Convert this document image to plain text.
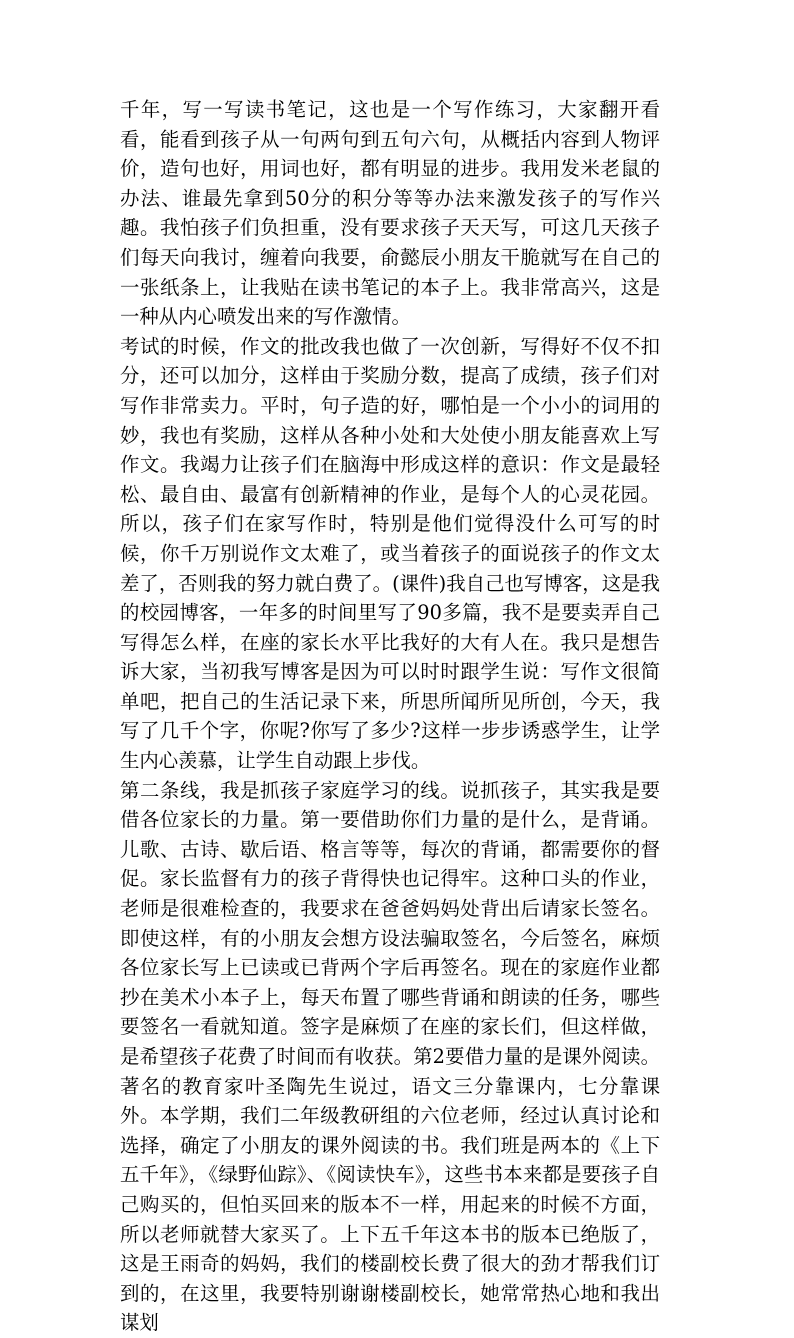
千年，写一写读书笔记，这也是一个写作练习，大家翻开看看，能看到孩子从一句两句到五句六句，从概括内容到人物评价，造句也好，用词也好，都有明显的进步。我用发米老鼠的办法、谁最先拿到50分的积分等等办法来激发孩子的写作兴趣。我怕孩子们负担重，没有要求孩子天天写，可这几天孩子们每天向我讨，缠着向我要，俞懿辰小朋友干脆就写在自己的一张纸条上，让我贴在读书笔记的本子上。我非常高兴，这是一种从内心喷发出来的写作激情。

考试的时候，作文的批改我也做了一次创新，写得好不仅不扣分，还可以加分，这样由于奖励分数，提高了成绩，孩子们对写作非常卖力。平时，句子造的好，哪怕是一个小小的词用的妙，我也有奖励，这样从各种小处和大处使小朋友能喜欢上写作文。我竭力让孩子们在脑海中形成这样的意识：作文是最轻松、最自由、最富有创新精神的作业，是每个人的心灵花园。所以，孩子们在家写作时，特别是他们觉得没什么可写的时候，你千万别说作文太难了，或当着孩子的面说孩子的作文太差了，否则我的努力就白费了。(课件)我自己也写博客，这是我的校园博客，一年多的时间里写了90多篇，我不是要卖弄自己写得怎么样，在座的家长水平比我好的大有人在。我只是想告诉大家，当初我写博客是因为可以时时跟学生说：写作文很简单吧，把自己的生活记录下来，所思所闻所见所创，今天，我写了几千个字，你呢?你写了多少?这样一步步诱惑学生，让学生内心羡慕，让学生自动跟上步伐。

第二条线，我是抓孩子家庭学习的线。说抓孩子，其实我是要借各位家长的力量。第一要借助你们力量的是什么，是背诵。儿歌、古诗、歇后语、格言等等，每次的背诵，都需要你的督促。家长监督有力的孩子背得快也记得牢。这种口头的作业，老师是很难检查的，我要求在爸爸妈妈处背出后请家长签名。即使这样，有的小朋友会想方设法骗取签名，今后签名，麻烦各位家长写上已读或已背两个字后再签名。现在的家庭作业都抄在美术小本子上，每天布置了哪些背诵和朗读的任务，哪些要签名一看就知道。签字是麻烦了在座的家长们，但这样做，是希望孩子花费了时间而有收获。第2要借力量的是课外阅读。著名的教育家叶圣陶先生说过，语文三分靠课内，七分靠课外。本学期，我们二年级教研组的六位老师，经过认真讨论和选择，确定了小朋友的课外阅读的书。我们班是两本的《上下五千年》，《绿野仙踪》、《阅读快车》，这些书本来都是要孩子自己购买的，但怕买回来的版本不一样，用起来的时候不方面，所以老师就替大家买了。上下五千年这本书的版本已绝版了，这是王雨奇的妈妈，我们的楼副校长费了很大的劲才帮我们订到的，在这里，我要特别谢谢楼副校长，她常常热心地和我出谋划
